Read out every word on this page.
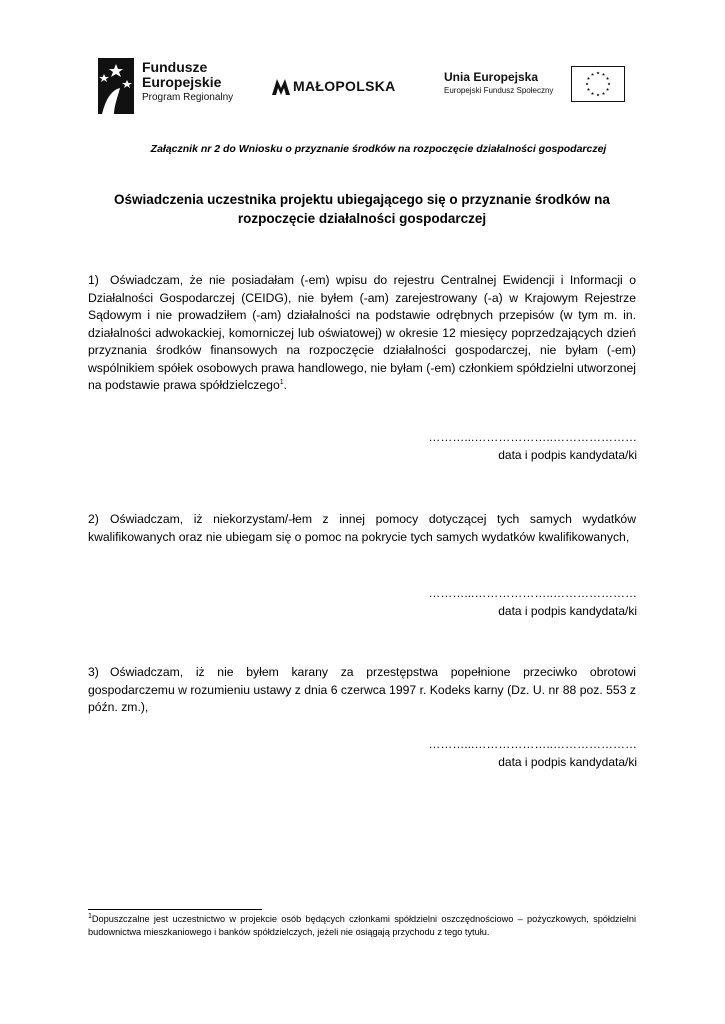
Fundusze
Europejskie
Program Regionalny
MAŁOPOLSKA
Unia Europejska
Europejski Fundusz Społeczny
Załącznik nr 2 do Wniosku o przyznanie środków na rozpoczęcie działalności gospodarczej
Oświadczenia uczestnika projektu ubiegającego się o przyznanie środków na rozpoczęcie działalności gospodarczej
1) Oświadczam, że nie posiadałam (-em) wpisu do rejestru Centralnej Ewidencji i Informacji o Działalności Gospodarczej (CEIDG), nie byłem (-am) zarejestrowany (-a) w Krajowym Rejestrze Sądowym i nie prowadziłem (-am) działalności na podstawie odrębnych przepisów (w tym m. in. działalności adwokackiej, komorniczej lub oświatowej) w okresie 12 miesięcy poprzedzających dzień przyznania środków finansowych na rozpoczęcie działalności gospodarczej, nie byłam (-em) wspólnikiem spółek osobowych prawa handlowego, nie byłam (-em) członkiem spółdzielni utworzonej na podstawie prawa spółdzielczego$^1$.
………...………………..…………………
data i podpis kandydata/ki
2) Oświadczam, iż niekorzystam/-łem z innej pomocy dotyczącej tych samych wydatków kwalifikowanych oraz nie ubiegam się o pomoc na pokrycie tych samych wydatków kwalifikowanych,
………...………………..…………………
data i podpis kandydata/ki
3) Oświadczam, iż nie byłem karany za przestępstwa popełnione przeciwko obrotowi gospodarczemu w rozumieniu ustawy z dnia 6 czerwca 1997 r. Kodeks karny (Dz. U. nr 88 poz. 553 z późn. zm.),
………...………………..…………………
data i podpis kandydata/ki
$^1$Dopuszczalne jest uczestnictwo w projekcie osób będących członkami spółdzielni oszczędnościowo – pożyczkowych, spółdzielni budownictwa mieszkaniowego i banków spółdzielczych, jeżeli nie osiągają przychodu z tego tytułu.
